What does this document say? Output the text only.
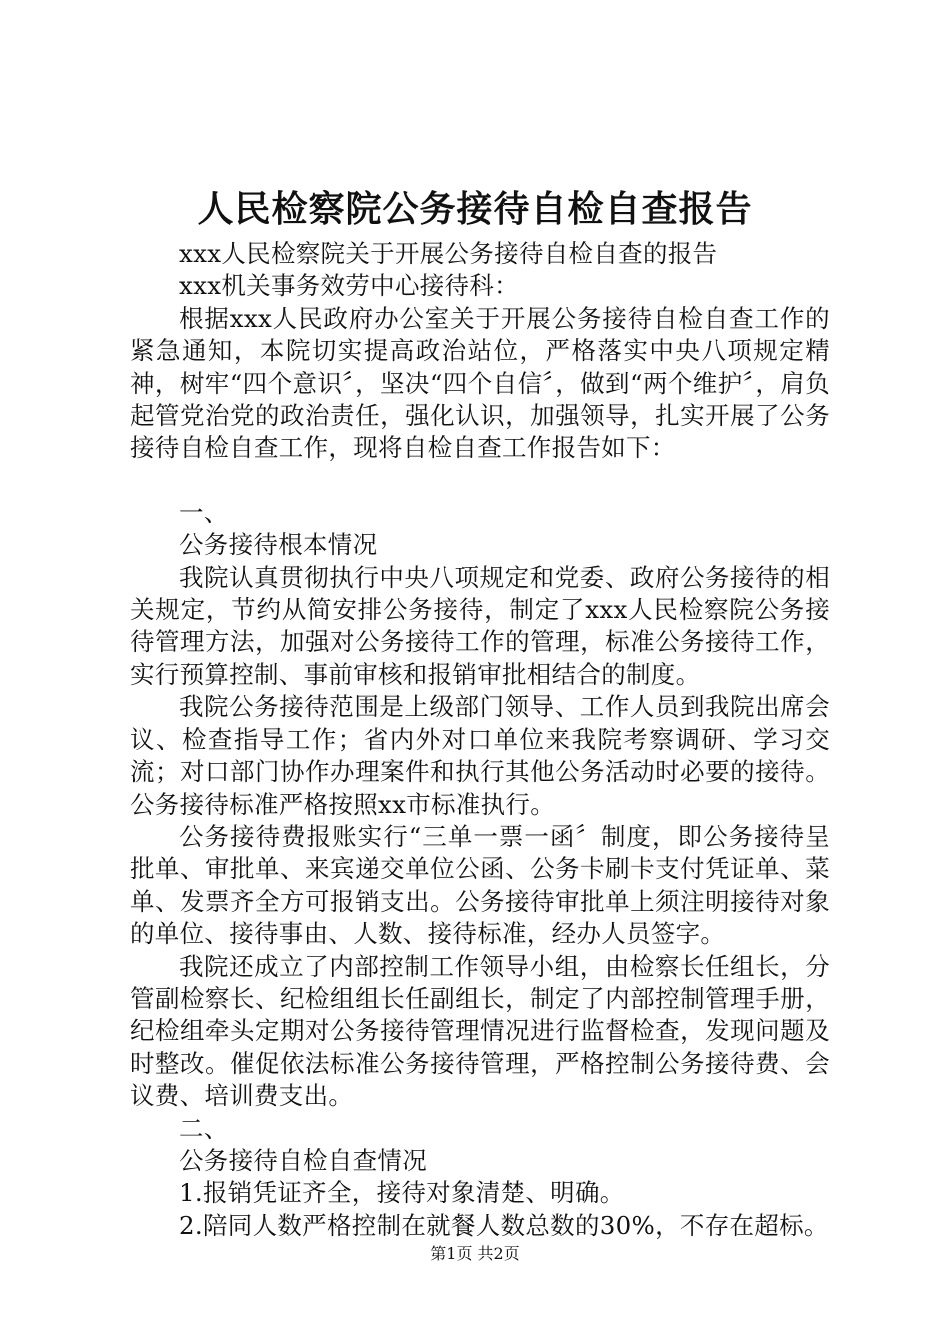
人民检察院公务接待自检自查报告

xxx人民检察院关于开展公务接待自检自查的报告

xxx机关事务效劳中心接待科：

根据xxx人民政府办公室关于开展公务接待自检自查工作的紧急通知，本院切实提高政治站位，严格落实中央八项规定精神，树牢“四个意识〞，坚决“四个自信〞，做到“两个维护〞，肩负起管党治党的政治责任，强化认识，加强领导，扎实开展了公务接待自检自查工作，现将自检自查工作报告如下：

一、

公务接待根本情况

我院认真贯彻执行中央八项规定和党委、政府公务接待的相关规定，节约从简安排公务接待，制定了xxx人民检察院公务接待管理方法，加强对公务接待工作的管理，标准公务接待工作，实行预算控制、事前审核和报销审批相结合的制度。

我院公务接待范围是上级部门领导、工作人员到我院出席会议、检查指导工作；省内外对口单位来我院考察调研、学习交流；对口部门协作办理案件和执行其他公务活动时必要的接待。公务接待标准严格按照xx市标准执行。

公务接待费报账实行“三单一票一函〞制度，即公务接待呈批单、审批单、来宾递交单位公函、公务卡刷卡支付凭证单、菜单、发票齐全方可报销支出。公务接待审批单上须注明接待对象的单位、接待事由、人数、接待标准，经办人员签字。

我院还成立了内部控制工作领导小组，由检察长任组长，分管副检察长、纪检组组长任副组长，制定了内部控制管理手册，纪检组牵头定期对公务接待管理情况进行监督检查，发现问题及时整改。催促依法标准公务接待管理，严格控制公务接待费、会议费、培训费支出。

二、

公务接待自检自查情况

1.报销凭证齐全，接待对象清楚、明确。

2.陪同人数严格控制在就餐人数总数的30%，不存在超标。

第1页 共2页
